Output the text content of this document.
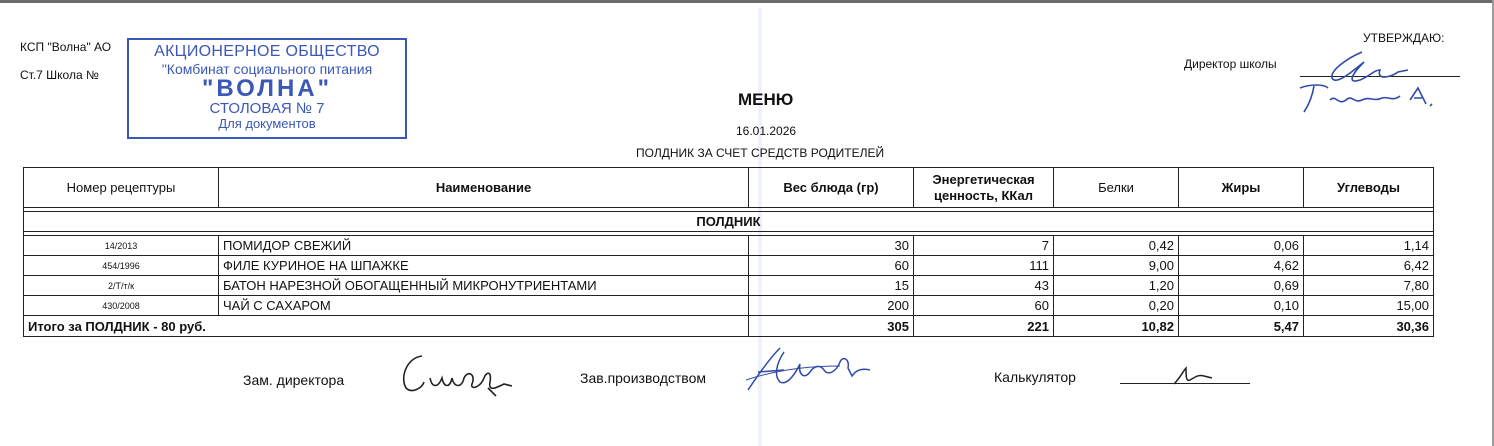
КСП "Волна" АО
Ст.7 Школа №
АКЦИОНЕРНОЕ ОБЩЕСТВО
"Комбинат социального питания
"ВОЛНА"
СТОЛОВАЯ № 7
Для документов
УТВЕРЖДАЮ:
Директор школы
МЕНЮ
16.01.2026
ПОЛДНИК ЗА СЧЕТ СРЕДСТВ РОДИТЕЛЕЙ
Номер рецептуры	Наименование	Вес блюда (гр)	Энергетическая ценность, ККал	Белки	Жиры	Углеводы

ПОЛДНИК						

14/2013	ПОМИДОР СВЕЖИЙ	30	7	0,42	0,06	1,14
454/1996	ФИЛЕ КУРИНОЕ НА ШПАЖКЕ	60	111	9,00	4,62	6,42
2/Т/т/к	БАТОН НАРЕЗНОЙ ОБОГАЩЕННЫЙ МИКРОНУТРИЕНТАМИ	15	43	1,20	0,69	7,80
430/2008	ЧАЙ С САХАРОМ	200	60	0,20	0,10	15,00
Итого за ПОЛДНИК - 80 руб.		305	221	10,82	5,47	30,36
Зам. директора	Зав.производством	Калькулятор
